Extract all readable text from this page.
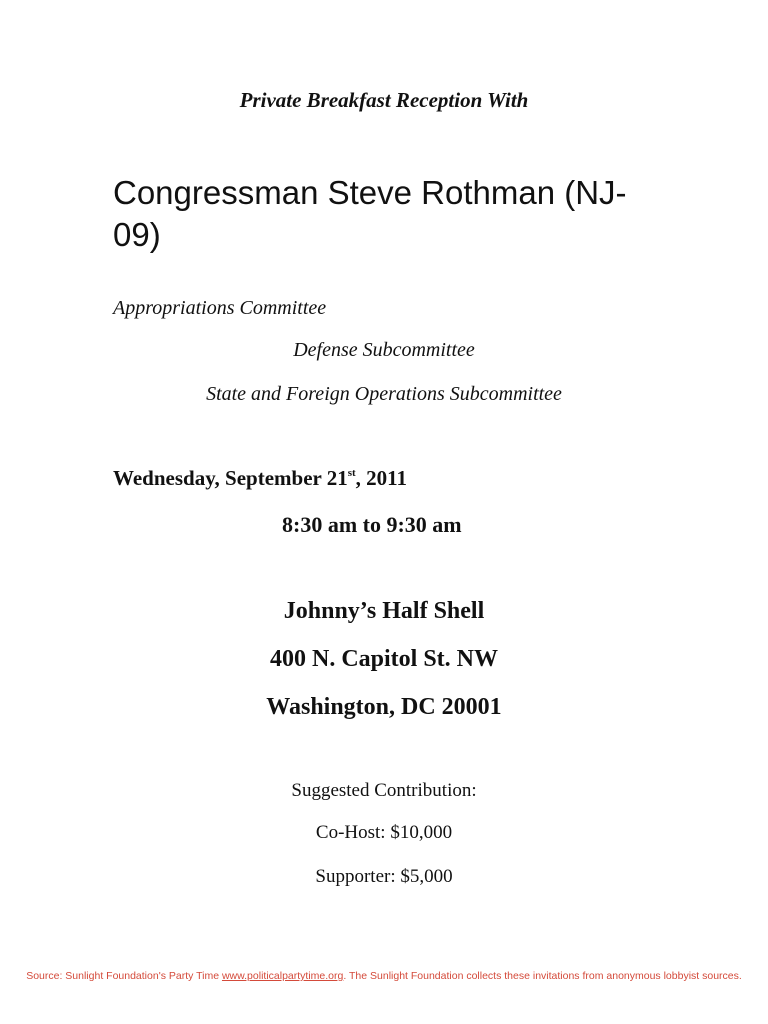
Private Breakfast Reception With
Congressman Steve Rothman (NJ-09)
Appropriations Committee
Defense Subcommittee
State and Foreign Operations Subcommittee
Wednesday, September 21st, 2011
8:30 am to 9:30 am
Johnny’s Half Shell
400 N. Capitol St. NW
Washington, DC 20001
Suggested Contribution:
Co-Host: $10,000
Supporter: $5,000
Source: Sunlight Foundation's Party Time www.politicalpartytime.org. The Sunlight Foundation collects these invitations from anonymous lobbyist sources.
